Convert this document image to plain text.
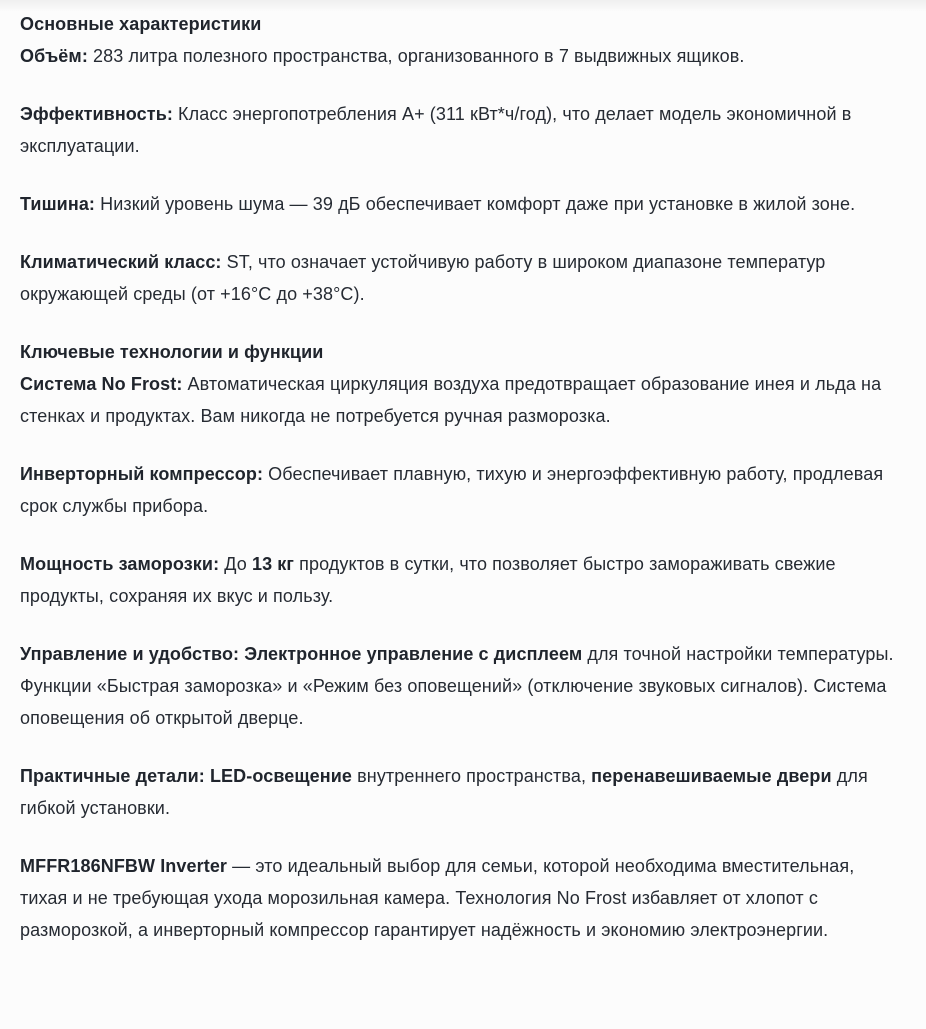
Основные характеристики

Объём: 283 литра полезного пространства, организованного в 7 выдвижных ящиков.

Эффективность: Класс энергопотребления А+ (311 кВт*ч/год), что делает модель экономичной в эксплуатации.

Тишина: Низкий уровень шума — 39 дБ обеспечивает комфорт даже при установке в жилой зоне.

Климатический класс: ST, что означает устойчивую работу в широком диапазоне температур окружающей среды (от +16°С до +38°С).

Ключевые технологии и функции

Система No Frost: Автоматическая циркуляция воздуха предотвращает образование инея и льда на стенках и продуктах. Вам никогда не потребуется ручная разморозка.

Инверторный компрессор: Обеспечивает плавную, тихую и энергоэффективную работу, продлевая срок службы прибора.

Мощность заморозки: До 13 кг продуктов в сутки, что позволяет быстро замораживать свежие продукты, сохраняя их вкус и пользу.

Управление и удобство: Электронное управление с дисплеем для точной настройки температуры. Функции «Быстрая заморозка» и «Режим без оповещений» (отключение звуковых сигналов). Система оповещения об открытой дверце.

Практичные детали: LED-освещение внутреннего пространства, перенавешиваемые двери для гибкой установки.

MFFR186NFBW Inverter — это идеальный выбор для семьи, которой необходима вместительная, тихая и не требующая ухода морозильная камера. Технология No Frost избавляет от хлопот с разморозкой, а инверторный компрессор гарантирует надёжность и экономию электроэнергии.
